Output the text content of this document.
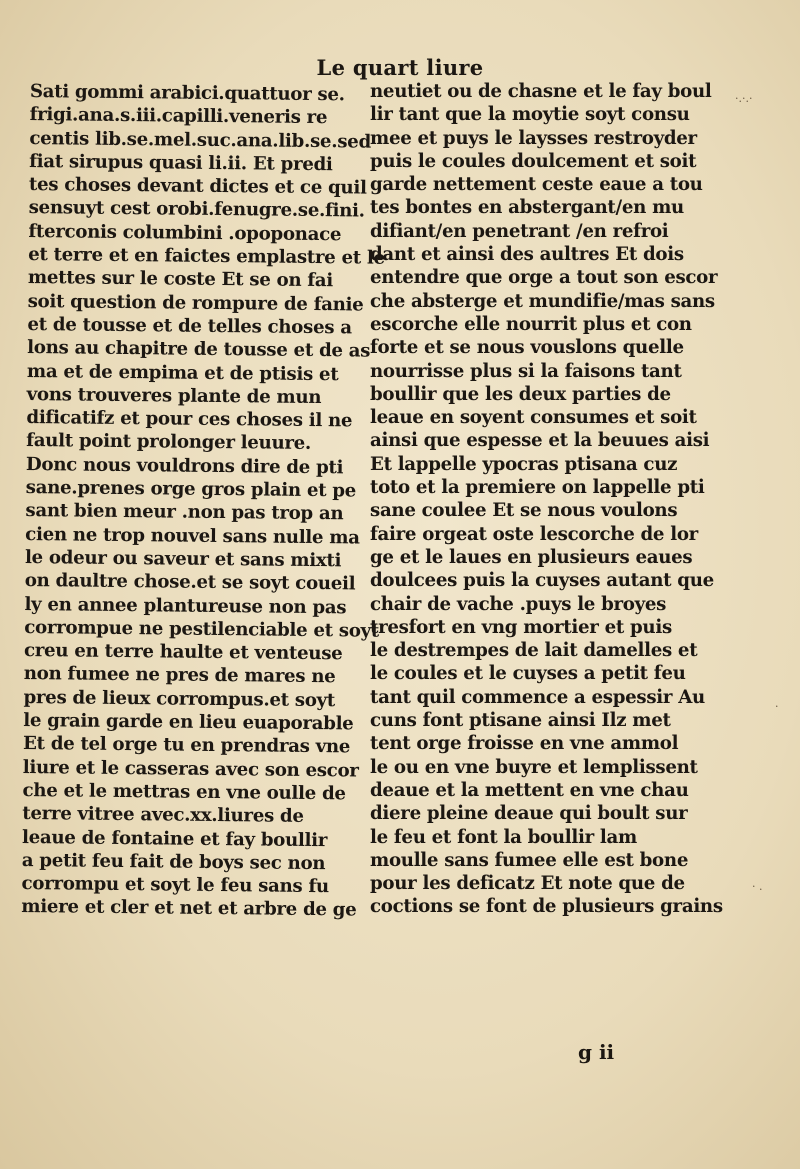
Le quart liure
Sati gommi arabici.quattuor se.
frigi.ana.s.iii.capilli.veneris re
centis lib.se.mel.suc.ana.lib.se.sed
fiat sirupus quasi li.ii. Et predi
tes choses devant dictes et ce quil
sensuyt cest orobi.fenugre.se.fini.
fterconis columbini .opoponace
et terre et en faictes emplastre et le
mettes sur le coste Et se on fai
soit question de rompure de fanie
et de tousse et de telles choses a
lons au chapitre de tousse et de as
ma et de empima et de ptisis et
vons trouveres plante de mun
dificatifz et pour ces choses il ne
fault point prolonger leuure.
Donc nous vouldrons dire de pti
sane.prenes orge gros plain et pe
sant bien meur .non pas trop an
cien ne trop nouvel sans nulle ma
le odeur ou saveur et sans mixti
on daultre chose.et se soyt coueil
ly en annee plantureuse non pas
corrompue ne pestilenciable et soyt
creu en terre haulte et venteuse
non fumee ne pres de mares ne
pres de lieux corrompus.et soyt
le grain garde en lieu euaporable
Et de tel orge tu en prendras vne
liure et le casseras avec son escor
che et le mettras en vne oulle de
terre vitree avec.xx.liures de
leaue de fontaine et fay boullir
a petit feu fait de boys sec non
corrompu et soyt le feu sans fu
miere et cler et net et arbre de ge
neutiet ou de chasne et le fay boul
lir tant que la moytie soyt consu
mee et puys le laysses restroyder
puis le coules doulcement et soit
garde nettement ceste eaue a tou
tes bontes en abstergant/en mu
difiant/en penetrant /en refroi
dant et ainsi des aultres Et dois
entendre que orge a tout son escor
che absterge et mundifie/mas sans
escorche elle nourrit plus et con
forte et se nous vouslons quelle
nourrisse plus si la faisons tant
boullir que les deux parties de
leaue en soyent consumes et soit
ainsi que espesse et la beuues aisi
Et lappelle ypocras ptisana cuz
toto et la premiere on lappelle pti
sane coulee Et se nous voulons
faire orgeat oste lescorche de lor
ge et le laues en plusieurs eaues
doulcees puis la cuyses autant que
chair de vache .puys le broyes
tresfort en vng mortier et puis
le destrempes de lait damelles et
le coules et le cuyses a petit feu
tant quil commence a espessir Au
cuns font ptisane ainsi Ilz met
tent orge froisse en vne ammol
le ou en vne buyre et lemplissent
deaue et la mettent en vne chau
diere pleine deaue qui boult sur
le feu et font la boullir lam
moulle sans fumee elle est bone
pour les deficatz Et note que de
coctions se font de plusieurs grains
g ii
·.·.·
·
· .
